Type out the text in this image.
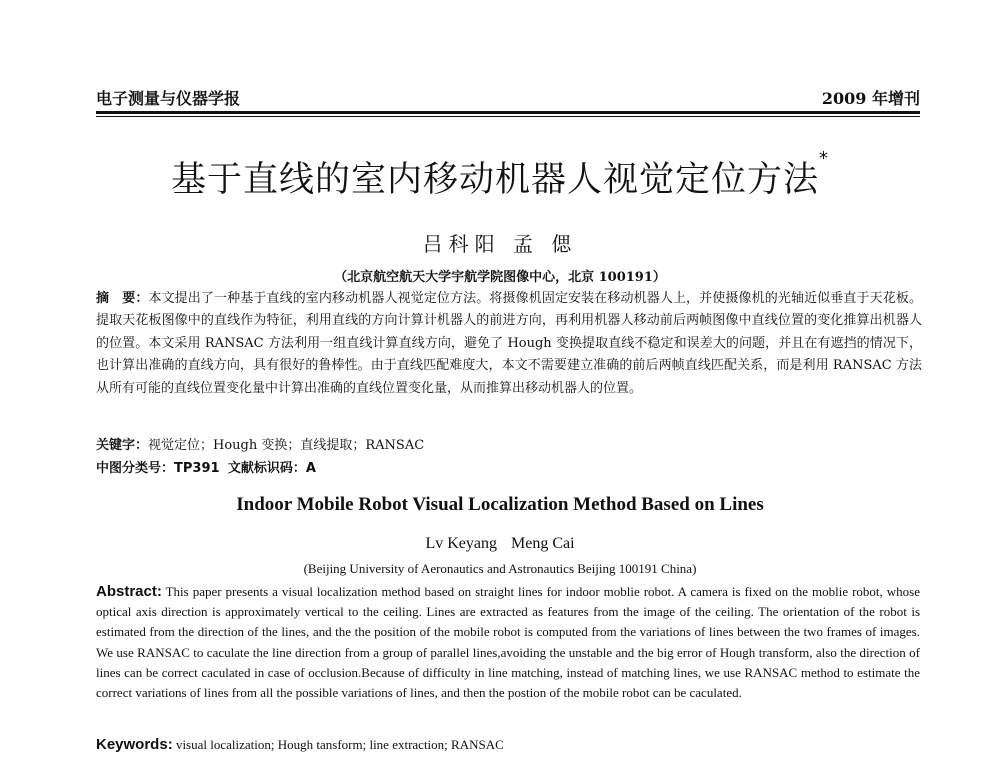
电子测量与仪器学报	2009 年增刊
基于直线的室内移动机器人视觉定位方法*
吕科阳 孟 偲
（北京航空航天大学宇航学院图像中心，北京 100191）
摘　要：本文提出了一种基于直线的室内移动机器人视觉定位方法。将摄像机固定安装在移动机器人上，并使摄像机的光轴近似垂直于天花板。提取天花板图像中的直线作为特征，利用直线的方向计算计机器人的前进方向，再利用机器人移动前后两帧图像中直线位置的变化推算出机器人的位置。本文采用 RANSAC 方法利用一组直线计算直线方向，避免了 Hough 变换提取直线不稳定和误差大的问题，并且在有遮挡的情况下，也计算出准确的直线方向，具有很好的鲁棒性。由于直线匹配难度大，本文不需要建立准确的前后两帧直线匹配关系，而是利用 RANSAC 方法从所有可能的直线位置变化量中计算出准确的直线位置变化量，从而推算出移动机器人的位置。
关键字：视觉定位；Hough 变换；直线提取；RANSAC
中图分类号：TP391 文献标识码：A
Indoor Mobile Robot Visual Localization Method Based on Lines
Lv Keyang Meng Cai
(Beijing University of Aeronautics and Astronautics Beijing 100191 China)
Abstract: This paper presents a visual localization method based on straight lines for indoor moblie robot. A camera is fixed on the moblie robot, whose optical axis direction is approximately vertical to the ceiling. Lines are extracted as features from the image of the ceiling. The orientation of the robot is estimated from the direction of the lines, and the the position of the mobile robot is computed from the variations of lines between the two frames of images. We use RANSAC to caculate the line direction from a group of parallel lines,avoiding the unstable and the big error of Hough transform, also the direction of lines can be correct caculated in case of occlusion.Because of difficulty in line matching, instead of matching lines, we use RANSAC method to estimate the correct variations of lines from all the possible variations of lines, and then the postion of the mobile robot can be caculated.
Keywords: visual localization; Hough tansform; line extraction; RANSAC
